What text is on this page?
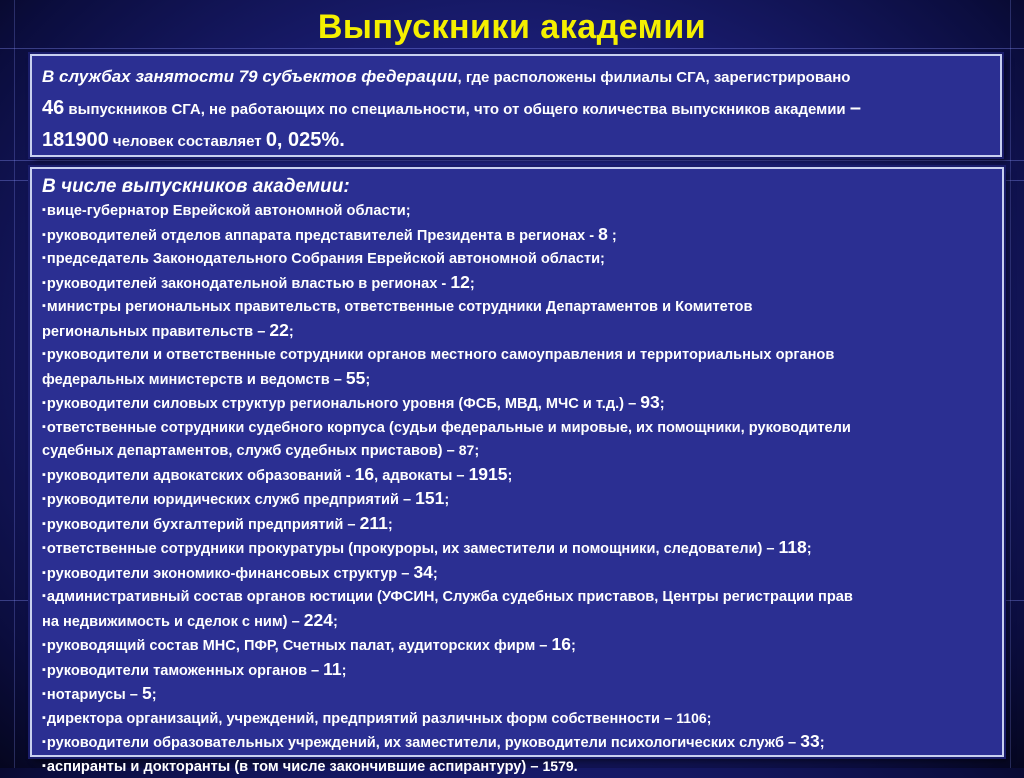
Выпускники академии
В службах занятости 79 субъектов федерации, где расположены филиалы СГА, зарегистрировано
46 выпускников СГА, не работающих по специальности, что от общего количества выпускников академии –
181900 человек составляет 0, 025%.
В числе выпускников академии:
▪вице-губернатор Еврейской автономной области;
▪руководителей отделов аппарата представителей Президента в регионах - 8 ;
▪председатель Законодательного Собрания Еврейской автономной области;
▪руководителей законодательной властью в регионах - 12;
▪министры региональных правительств, ответственные сотрудники Департаментов и Комитетов
региональных правительств – 22;
▪руководители и ответственные сотрудники органов местного самоуправления и территориальных органов
федеральных министерств и ведомств – 55;
▪руководители силовых структур регионального уровня (ФСБ, МВД, МЧС и т.д.) – 93;
▪ответственные сотрудники судебного корпуса (судьи федеральные и мировые, их помощники, руководители
судебных департаментов, служб судебных приставов) – 87;
▪руководители адвокатских образований - 16, адвокаты – 1915;
▪руководители юридических служб предприятий – 151;
▪руководители бухгалтерий предприятий – 211;
▪ответственные сотрудники прокуратуры (прокуроры, их заместители и помощники, следователи) – 118;
▪руководители экономико-финансовых структур – 34;
▪административный состав органов юстиции (УФСИН, Служба судебных приставов, Центры регистрации прав
на недвижимость и сделок с ним) – 224;
▪руководящий состав МНС, ПФР, Счетных палат, аудиторских фирм – 16;
▪руководители таможенных органов – 11;
▪нотариусы – 5;
▪директора организаций, учреждений, предприятий различных форм собственности – 1106;
▪руководители образовательных учреждений, их заместители, руководители психологических служб – 33;
▪аспиранты и докторанты (в том числе закончившие аспирантуру) – 1579.
